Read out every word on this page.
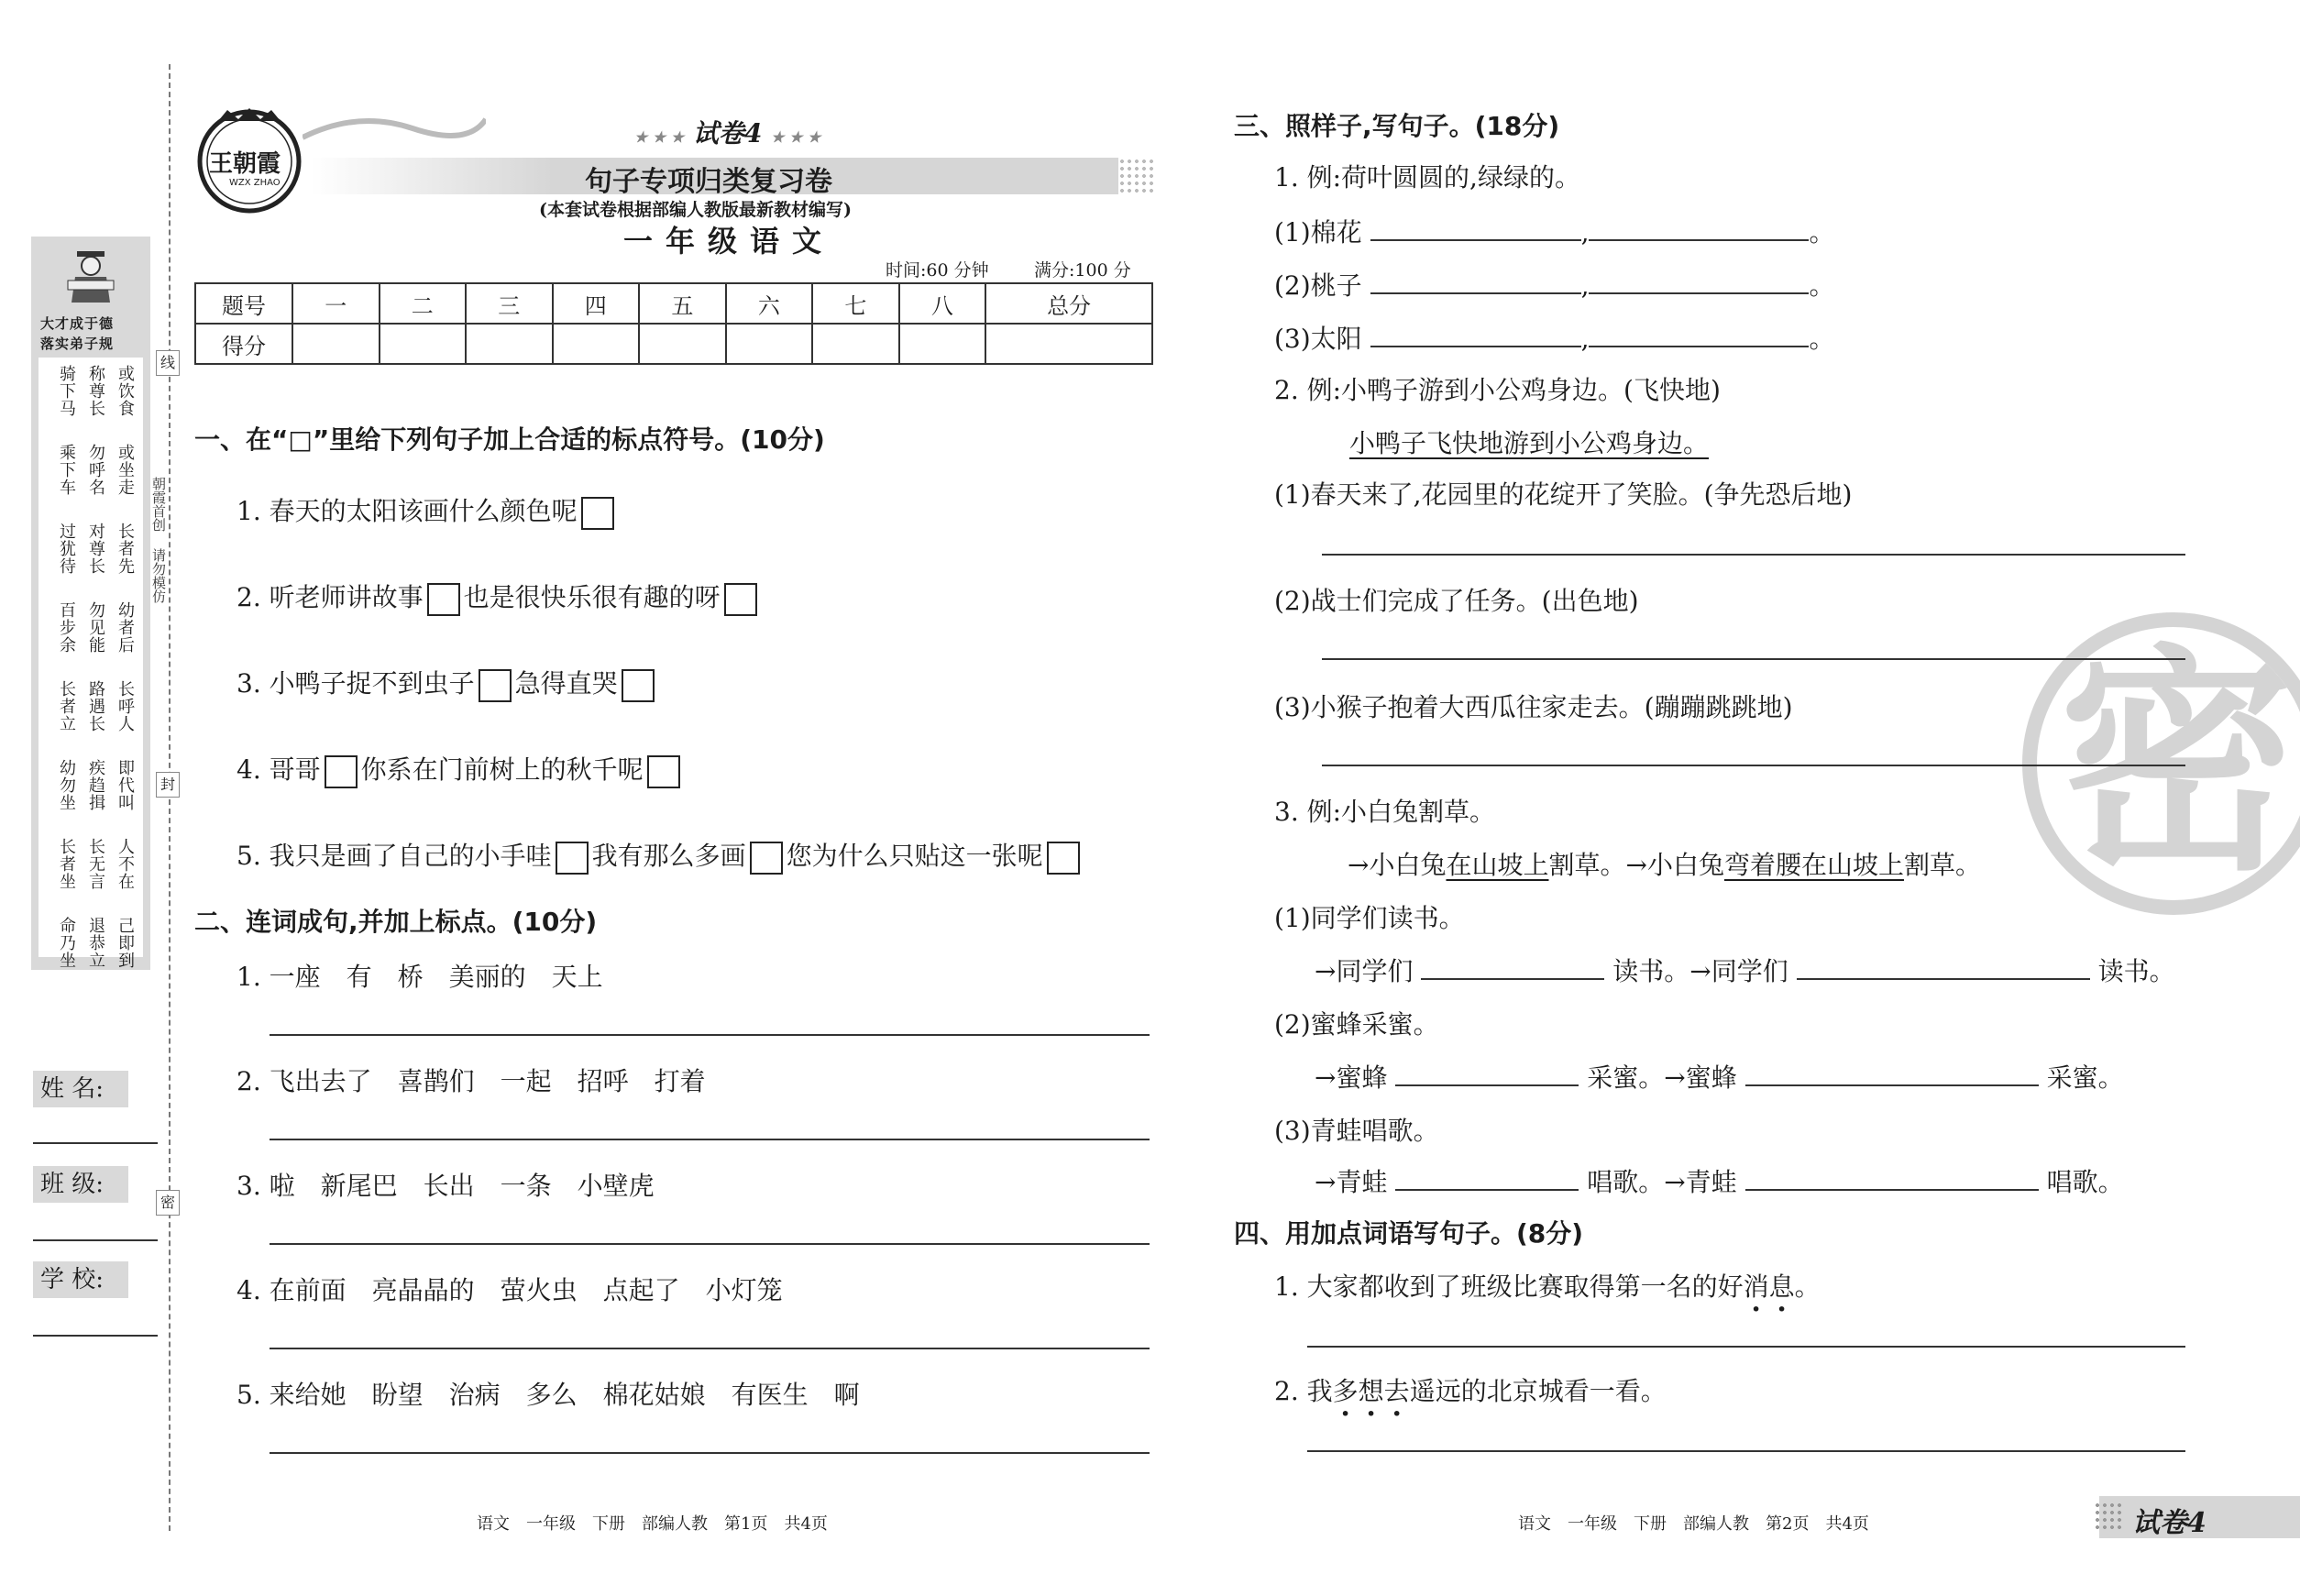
大才成于德
落实弟子规
骑下马 称尊长 或饮食
乘下车 勿呼名 或坐走
过犹待 对尊长 长者先
百步余 勿见能 幼者后
长者立 路遇长 长呼人
幼勿坐 疾趋揖 即代叫
长者坐 长无言 人不在
命乃坐 退恭立 己即到
线
朝霞首创 请勿模仿
封
密
姓 名:
班 级:
学 校:
王朝霞
WZX ZHAO
★ ★ ★ 试卷4 ★ ★ ★
句子专项归类复习卷
(本套试卷根据部编人教版最新教材编写)
一年级语文
时间:60 分钟	满分:100 分
题号	一	二	三	四	五	六	七	八	总分
得分									
一、在“□”里给下列句子加上合适的标点符号。(10分)
1. 春天的太阳该画什么颜色呢
2. 听老师讲故事 也是很快乐很有趣的呀
3. 小鸭子捉不到虫子 急得直哭
4. 哥哥 你系在门前树上的秋千呢
5. 我只是画了自己的小手哇 我有那么多画 您为什么只贴这一张呢
二、连词成句,并加上标点。(10分)
1. 一座　有　桥　美丽的　天上
2. 飞出去了　喜鹊们　一起　招呼　打着
3. 啦　新尾巴　长出　一条　小壁虎
4. 在前面　亮晶晶的　萤火虫　点起了　小灯笼
5. 来给她　盼望　治病　多么　棉花姑娘　有医生　啊
密
三、照样子,写句子。(18分)
1. 例:荷叶圆圆的,绿绿的。
(1)棉花	,	。
(2)桃子	,	。
(3)太阳	,	。
2. 例:小鸭子游到小公鸡身边。(飞快地)
小鸭子飞快地游到小公鸡身边。
(1)春天来了,花园里的花绽开了笑脸。(争先恐后地)
(2)战士们完成了任务。(出色地)
(3)小猴子抱着大西瓜往家走去。(蹦蹦跳跳地)
3. 例:小白兔割草。
→小白兔在山坡上割草。→小白兔弯着腰在山坡上割草。
(1)同学们读书。
→同学们	读书。→同学们	读书。
(2)蜜蜂采蜜。
→蜜蜂	采蜜。→蜜蜂	采蜜。
(3)青蛙唱歌。
→青蛙	唱歌。→青蛙	唱歌。
四、用加点词语写句子。(8分)
1. 大家都收到了班级比赛取得第一名的好消息。
2. 我多想去遥远的北京城看一看。
语文　一年级　下册　部编人教　第1页　共4页	语文　一年级　下册　部编人教　第2页　共4页	试卷4
